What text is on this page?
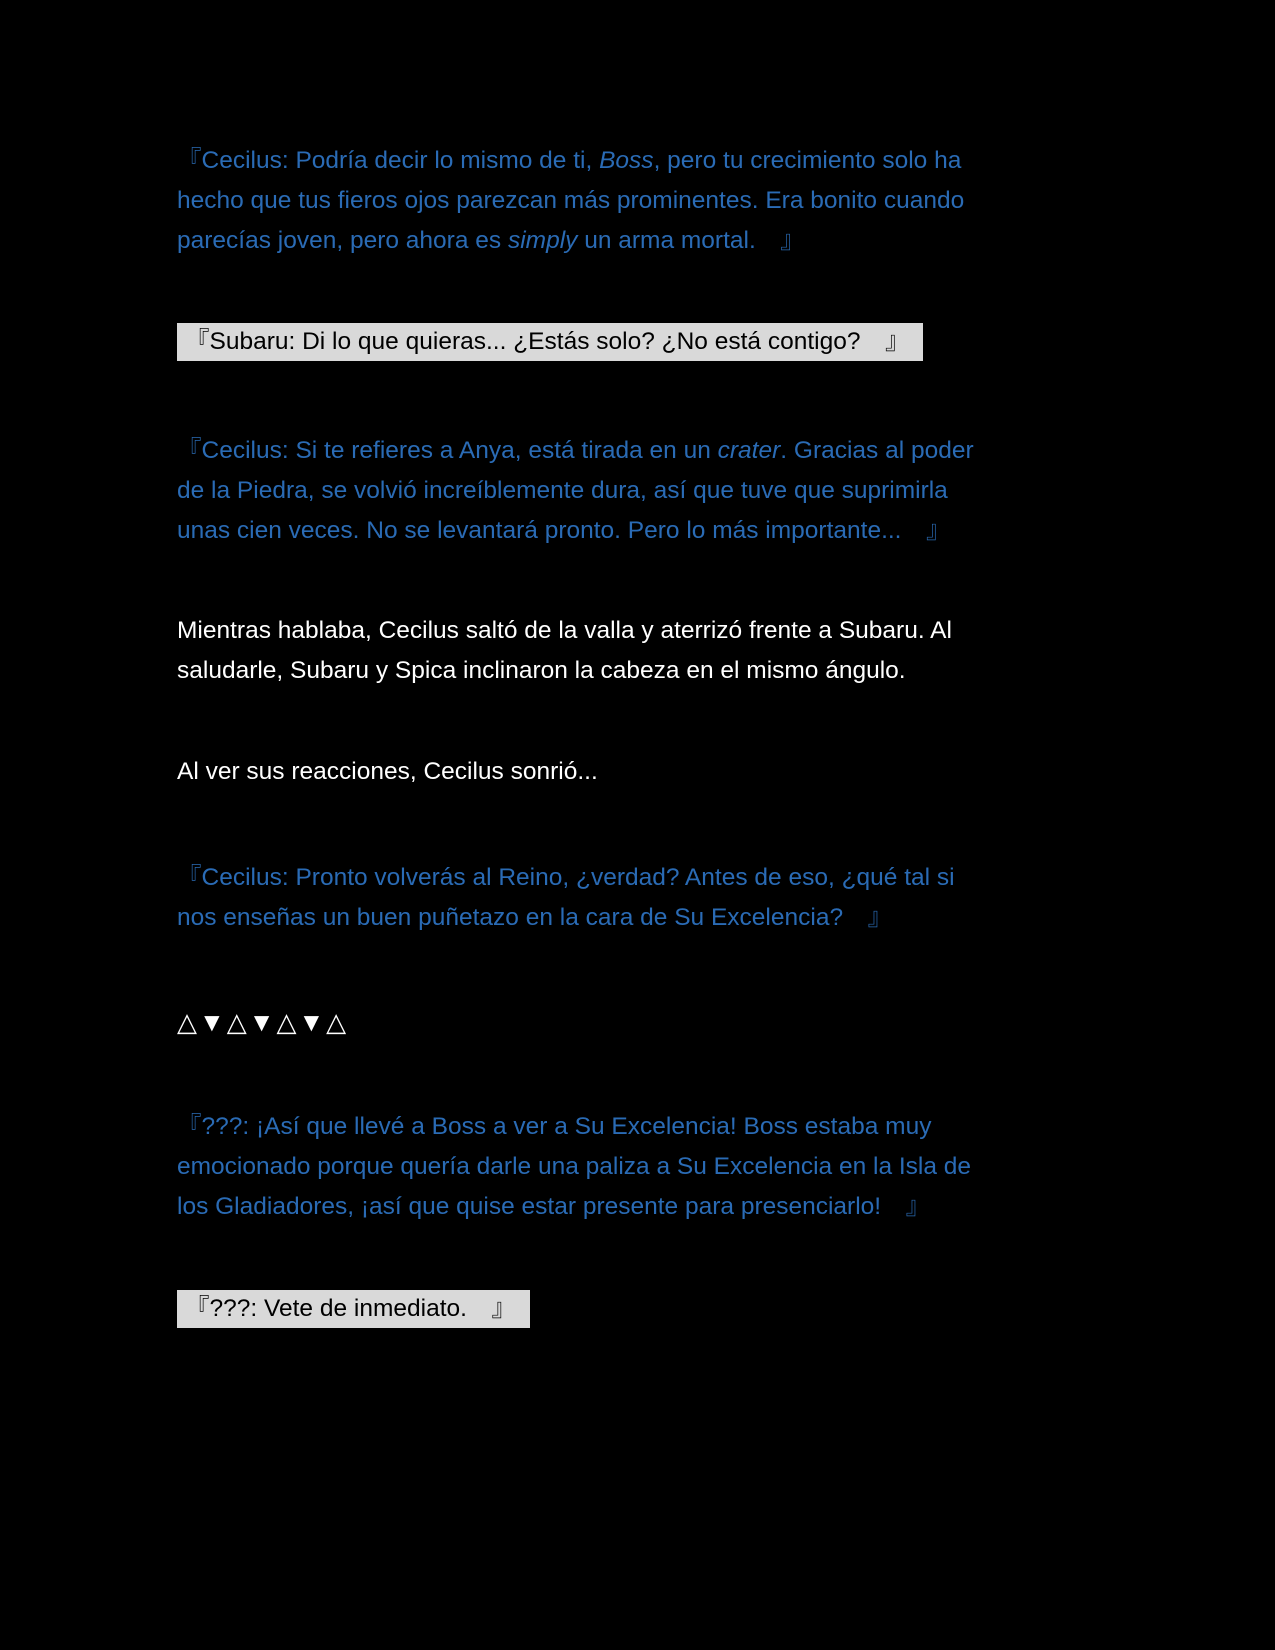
『Cecilus: Podría decir lo mismo de ti, Boss, pero tu crecimiento solo ha
hecho que tus fieros ojos parezcan más prominentes. Era bonito cuando
parecías joven, pero ahora es simply un arma mortal.　』
『Subaru: Di lo que quieras... ¿Estás solo? ¿No está contigo?　』
『Cecilus: Si te refieres a Anya, está tirada en un crater. Gracias al poder
de la Piedra, se volvió increíblemente dura, así que tuve que suprimirla
unas cien veces. No se levantará pronto. Pero lo más importante...　』
Mientras hablaba, Cecilus saltó de la valla y aterrizó frente a Subaru. Al
saludarle, Subaru y Spica inclinaron la cabeza en el mismo ángulo.
Al ver sus reacciones, Cecilus sonrió...
『Cecilus: Pronto volverás al Reino, ¿verdad? Antes de eso, ¿qué tal si
nos enseñas un buen puñetazo en la cara de Su Excelencia?　』
△▼△▼△▼△
『???: ¡Así que llevé a Boss a ver a Su Excelencia! Boss estaba muy
emocionado porque quería darle una paliza a Su Excelencia en la Isla de
los Gladiadores, ¡así que quise estar presente para presenciarlo!　』
『???: Vete de inmediato.　』
